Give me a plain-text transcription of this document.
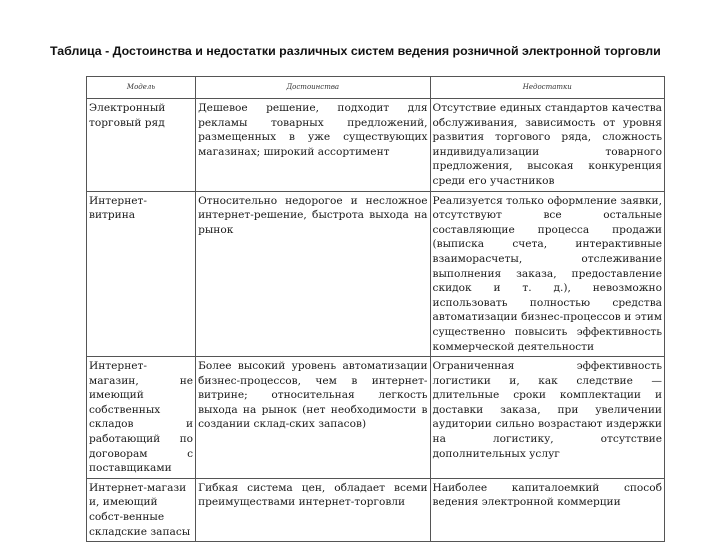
Таблица - Достоинства и недостатки различных систем ведения розничной электронной торговли
Модель	Достоинства	Недостатки
Электронный торговый ряд	Дешевое решение, подходит для рекламы товарных предложений, размещенных в уже существующих магазинах; широкий ассортимент	Отсутствие единых стандартов качества обслуживания, зависимость от уровня развития торгового ряда, сложность индивидуализации товарного предложения, высокая конкуренция среди его участников
Интернет-витрина	Относительно недорогое и несложное интернет-решение, быстрота выхода на рынок	Реализуется только оформление заявки, отсутствуют все остальные составляющие процесса продажи (выписка счета, интерактивные взаиморасчеты, отслеживание выполнения заказа, предоставление скидок и т. д.), невозможно использовать полностью средства автоматизации бизнес-процессов и этим существенно повысить эффективность коммерческой деятельности
Интернет-магазин, не имеющий собственных складов и работающий по договорам с поставщиками	Более высокий уровень автоматизации бизнес-процессов, чем в интернет-витрине; относительная легкость выхода на рынок (нет необходимости в создании склад-ских запасов)	Ограниченная эффективность логистики и, как следствие — длительные сроки комплектации и доставки заказа, при увеличении аудитории сильно возрастают издержки на логистику, отсутствие дополнительных услуг
Интернет-магази и, имеющий собст-венные складские запасы	Гибкая система цен, обладает всеми преимуществами интернет-торговли	Наиболее капиталоемкий способ ведения электронной коммерции
